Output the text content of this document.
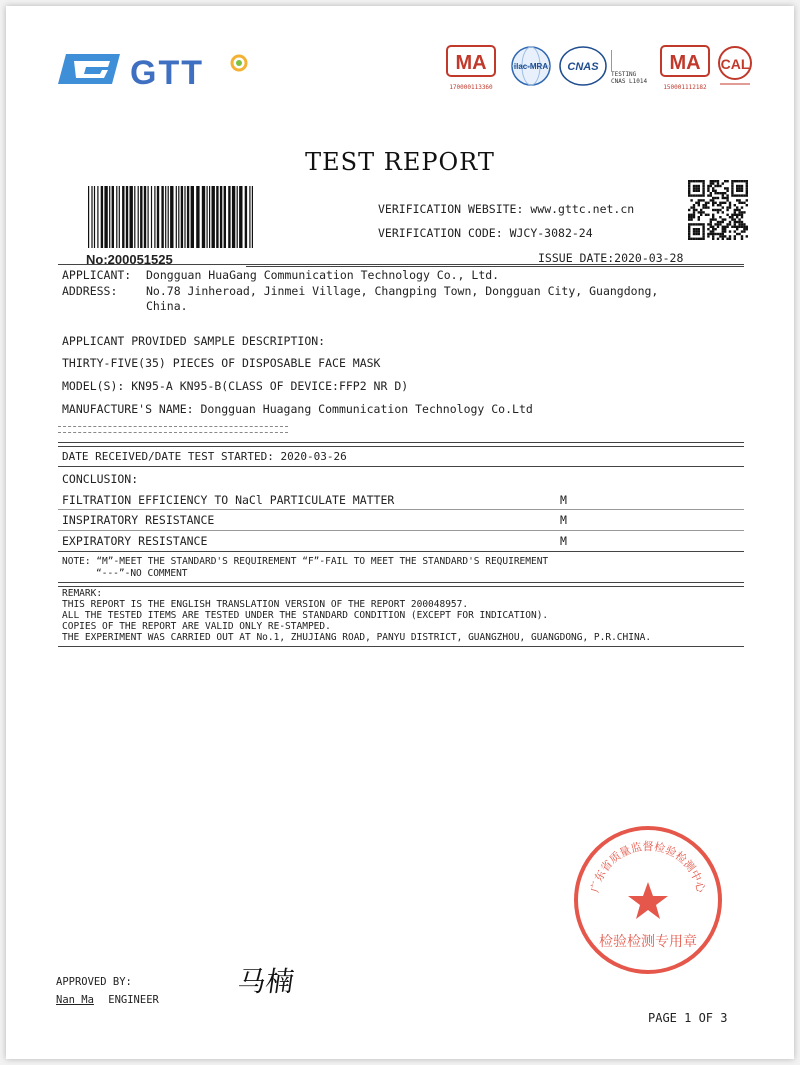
GTT	MA
170000113360
ilac-MRA CNAS
TESTING
CNAS L1014
MA
150001112182
CAL
TEST REPORT
No:200051525
VERIFICATION WEBSITE: www.gttc.net.cn
VERIFICATION CODE: WJCY-3082-24
ISSUE DATE:2020-03-28
APPLICANT: Dongguan HuaGang Communication Technology Co., Ltd.
ADDRESS: No.78 Jinheroad, Jinmei Village, Changping Town, Dongguan City, Guangdong,
China.
APPLICANT PROVIDED SAMPLE DESCRIPTION:
THIRTY-FIVE(35) PIECES OF DISPOSABLE FACE MASK
MODEL(S): KN95-A KN95-B(CLASS OF DEVICE:FFP2 NR D)
MANUFACTURE'S NAME: Dongguan Huagang Communication Technology Co.Ltd
DATE RECEIVED/DATE TEST STARTED: 2020-03-26
CONCLUSION:
FILTRATION EFFICIENCY TO NaCl PARTICULATE MATTER	M
INSPIRATORY RESISTANCE	M
EXPIRATORY RESISTANCE	M
NOTE: “M”-MEET THE STANDARD'S REQUIREMENT “F”-FAIL TO MEET THE STANDARD'S REQUIREMENT
“---”-NO COMMENT
REMARK:
THIS REPORT IS THE ENGLISH TRANSLATION VERSION OF THE REPORT 200048957.
ALL THE TESTED ITEMS ARE TESTED UNDER THE STANDARD CONDITION (EXCEPT FOR INDICATION).
COPIES OF THE REPORT ARE VALID ONLY RE-STAMPED.
THE EXPERIMENT WAS CARRIED OUT AT No.1, ZHUJIANG ROAD, PANYU DISTRICT, GUANGZHOU, GUANGDONG, P.R.CHINA.
广东省质量监督检验检测中心
检验检测专用章
APPROVED BY:	马楠
Nan Ma ENGINEER
PAGE 1 OF 3
